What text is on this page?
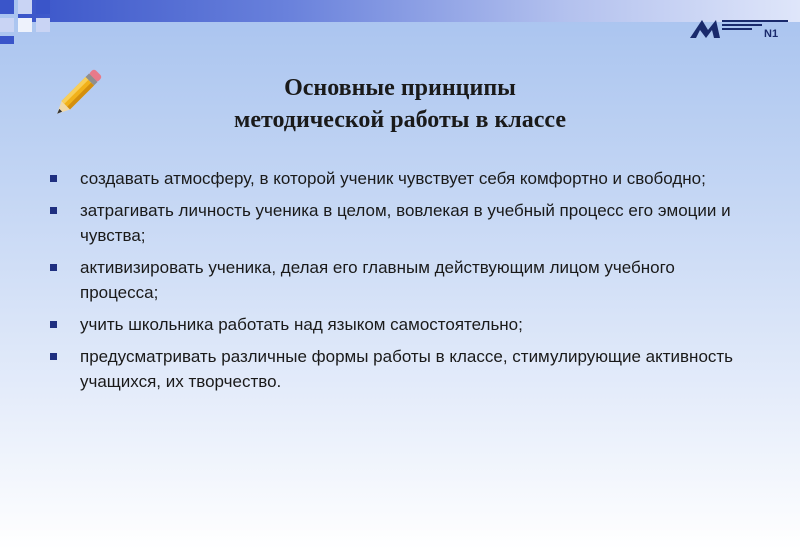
N1
Основные принципы
методической работы в классе
создавать атмосферу, в которой ученик чувствует себя комфортно и свободно;
затрагивать личность ученика в целом, вовлекая в учебный процесс его эмоции и чувства;
активизировать ученика, делая его главным действующим лицом учебного процесса;
учить школьника работать над языком самостоятельно;
предусматривать различные формы работы в классе, стимулирующие активность учащихся, их творчество.
